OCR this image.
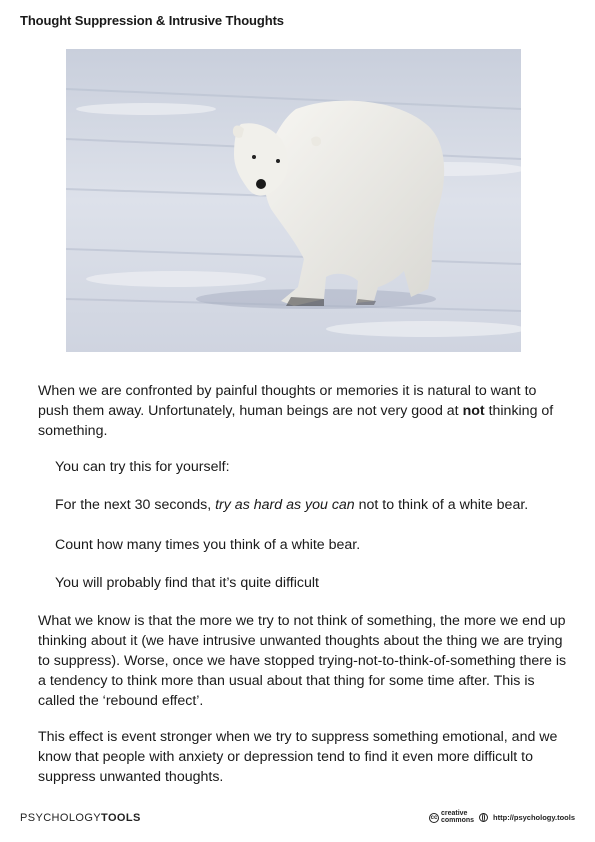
Thought Suppression & Intrusive Thoughts

When we are confronted by painful thoughts or memories it is natural to want to push them away. Unfortunately, human beings are not very good at not thinking of something.

You can try this for yourself:

For the next 30 seconds, try as hard as you can not to think of a white bear.

Count how many times you think of a white bear.

You will probably find that it’s quite difficult

What we know is that the more we try to not think of something, the more we end up thinking about it (we have intrusive unwanted thoughts about the thing we are trying to suppress). Worse, once we have stopped trying-not-to-think-of-something there is a tendency to think more than usual about that thing for some time after. This is called the ‘rebound effect’.

This effect is event stronger when we try to suppress something emotional, and we know that people with anxiety or depression tend to find it even more difficult to suppress unwanted thoughts.

PSYCHOLOGYTOOLS	cc
creative
commons	http://psychology.tools
